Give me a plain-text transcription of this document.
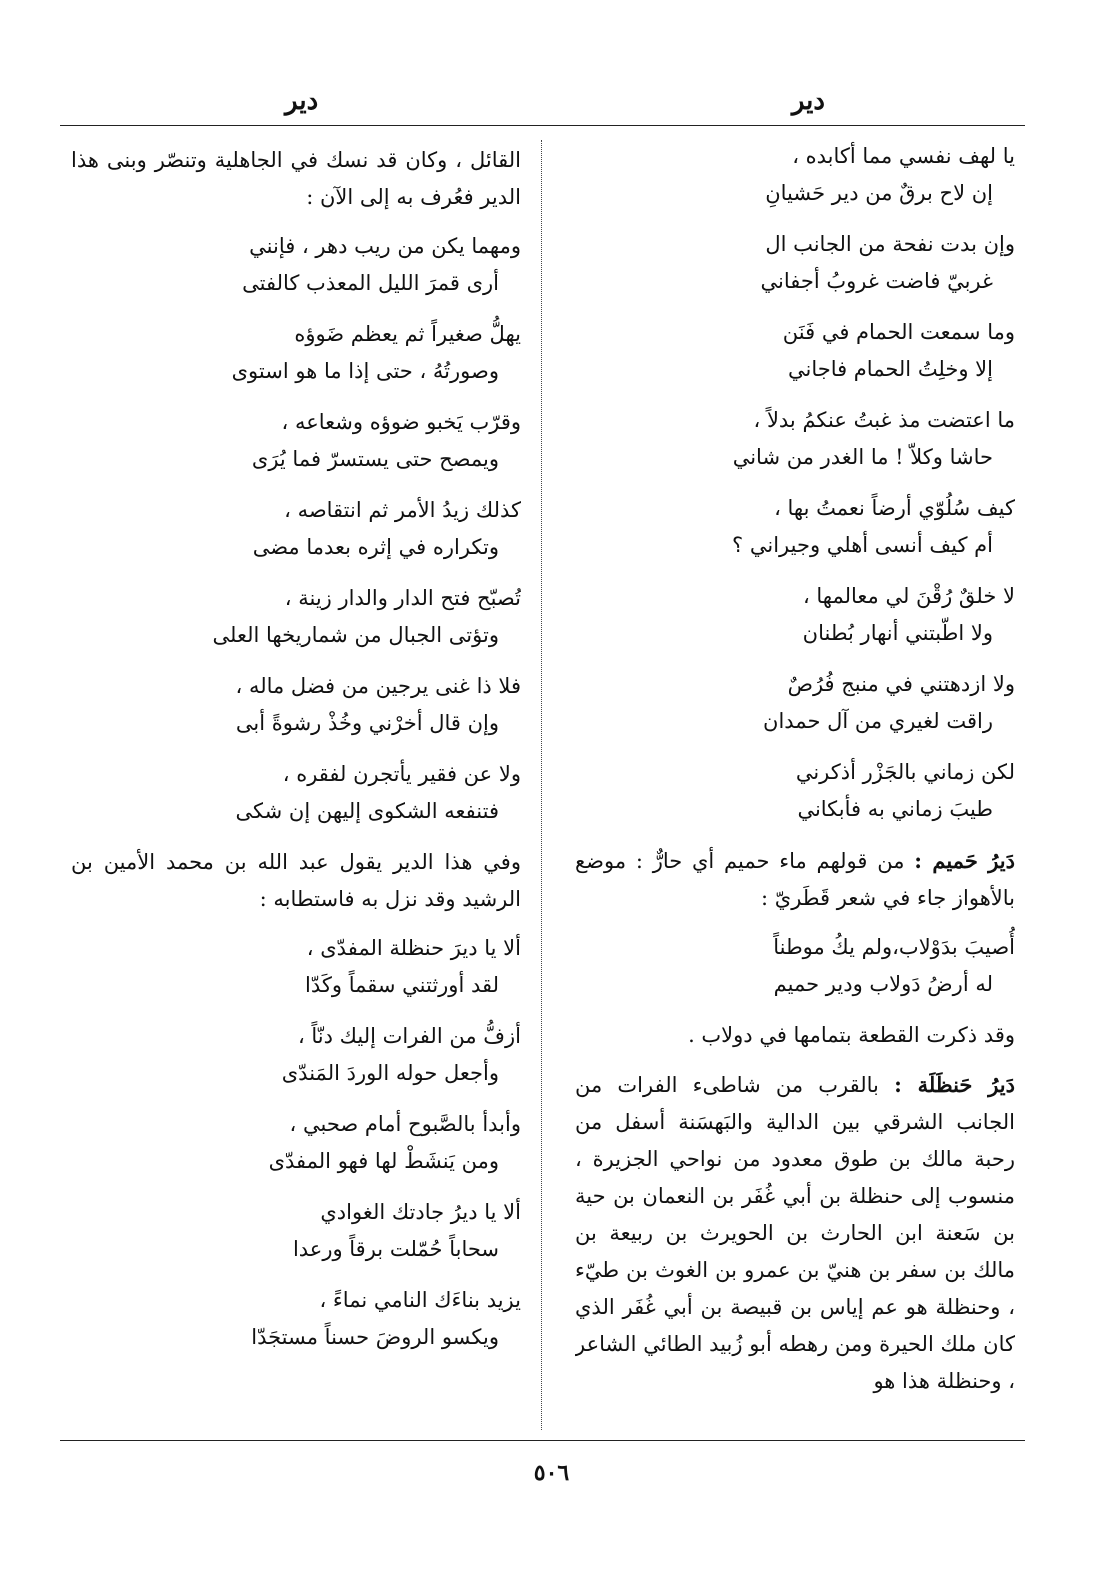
دير
دير
يا لهف نفسي مما أكابده ،
إن لاح برقٌ من دير حَشيانِ
وإن بدت نفحة من الجانب ال
غربيّ فاضت غروبُ أجفاني
وما سمعت الحمام في فَنَن
إلا وخلِتُ الحمام فاجاني
ما اعتضت مذ غبتُ عنكمُ بدلاً ،
حاشا وكلاّ ! ما الغدر من شاني
كيف سُلُوّي أرضاً نعمتُ بها ،
أم كيف أنسى أهلي وجيراني ؟
لا خلقٌ رُقْنَ لي معالمها ،
ولا اطّبتني أنهار بُطنان
ولا ازدهتني في منبج فُرُصٌ
راقت لغيري من آل حمدان
لكن زماني بالجَزْر أذكرني
طيبَ زماني به فأبكاني
دَيرُ حَميم : من قولهم ماء حميم أي حارٌّ : موضع بالأهواز جاء في شعر قَطَريّ :
أُصيبَ بدَوْلاب،ولم يكُ موطناً
له أرضُ دَولاب ودير حميم
وقد ذكرت القطعة بتمامها في دولاب .
دَيرُ حَنظَلَة : بالقرب من شاطىء الفرات من الجانب الشرقي بين الدالية والبَهسَنة أسفل من رحبة مالك بن طوق معدود من نواحي الجزيرة ، منسوب إلى حنظلة بن أبي غُفَر بن النعمان بن حية بن سَعنة ابن الحارث بن الحويرث بن ربيعة بن مالك بن سفر بن هنيّ بن عمرو بن الغوث بن طيّء ، وحنظلة هو عم إياس بن قبيصة بن أبي غُفَر الذي كان ملك الحيرة ومن رهطه أبو زُبيد الطائي الشاعر ، وحنظلة هذا هو
القائل ، وكان قد نسك في الجاهلية وتنصّر وبنى هذا الدير فعُرف به إلى الآن :
ومهما يكن من ريب دهر ، فإنني
أرى قمرَ الليل المعذب كالفتى
يهلُّ صغيراً ثم يعظم ضَوؤه
وصورتُهُ ، حتى إذا ما هو استوى
وقرّب يَخبو ضوؤه وشعاعه ،
ويمصح حتى يستسرّ فما يُرَى
كذلك زيدُ الأمر ثم انتقاصه ،
وتكراره في إثره بعدما مضى
تُصبّح فتح الدار والدار زينة ،
وتؤتى الجبال من شماريخها العلى
فلا ذا غنى يرجين من فضل ماله ،
وإن قال أخرْني وخُذْ رشوةً أبى
ولا عن فقير يأتجرن لفقره ،
فتنفعه الشكوى إليهن إن شكى
وفي هذا الدير يقول عبد الله بن محمد الأمين بن الرشيد وقد نزل به فاستطابه :
ألا يا ديرَ حنظلة المفدّى ،
لقد أورثتني سقماً وكَدّا
أزفُّ من الفرات إليك دنّاً ،
وأجعل حوله الوردَ المَندّى
وأبدأ بالصَّبوح أمام صحبي ،
ومن يَنشَطْ لها فهو المفدّى
ألا يا ديرُ جادتك الغوادي
سحاباً حُمّلت برقاً ورعدا
يزيد بناءَك النامي نماءً ،
ويكسو الروضَ حسناً مستجَدّا
٥٠٦
